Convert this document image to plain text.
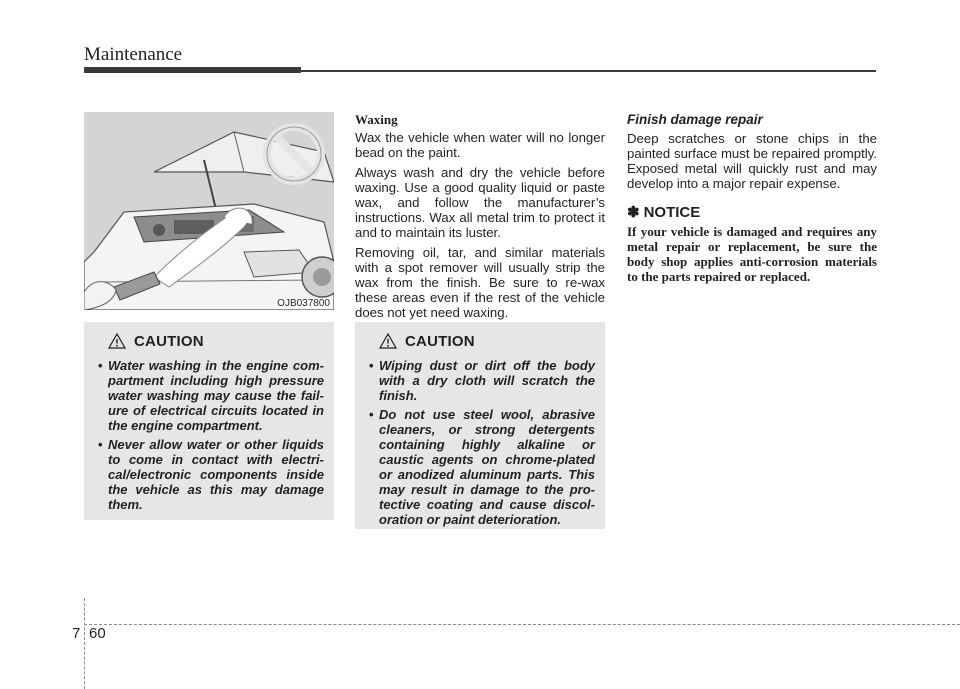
Maintenance
OJB037800
CAUTION
• Water washing in the engine com-partment including high pressure water washing may cause the fail-ure of electrical circuits located in the engine compartment.
• Never allow water or other liquids to come in contact with electri-cal/electronic components inside the vehicle as this may damage them.

Waxing

Wax the vehicle when water will no longer bead on the paint.

Always wash and dry the vehicle before waxing. Use a good quality liquid or paste wax, and follow the manufacturer’s instructions. Wax all metal trim to protect it and to maintain its luster.

Removing oil, tar, and similar materials with a spot remover will usually strip the wax from the finish. Be sure to re-wax these areas even if the rest of the vehicle does not yet need waxing.

CAUTION
• Wiping dust or dirt off the body with a dry cloth will scratch the finish.
• Do not use steel wool, abrasive cleaners, or strong detergents containing highly alkaline or caustic agents on chrome-plated or anodized aluminum parts. This may result in damage to the pro-tective coating and cause discol-oration or paint deterioration.

Finish damage repair

Deep scratches or stone chips in the painted surface must be repaired promptly. Exposed metal will quickly rust and may develop into a major repair expense.

✽ NOTICE

If your vehicle is damaged and requires any metal repair or replacement, be sure the body shop applies anti-corrosion materials to the parts repaired or replaced.

7 60
